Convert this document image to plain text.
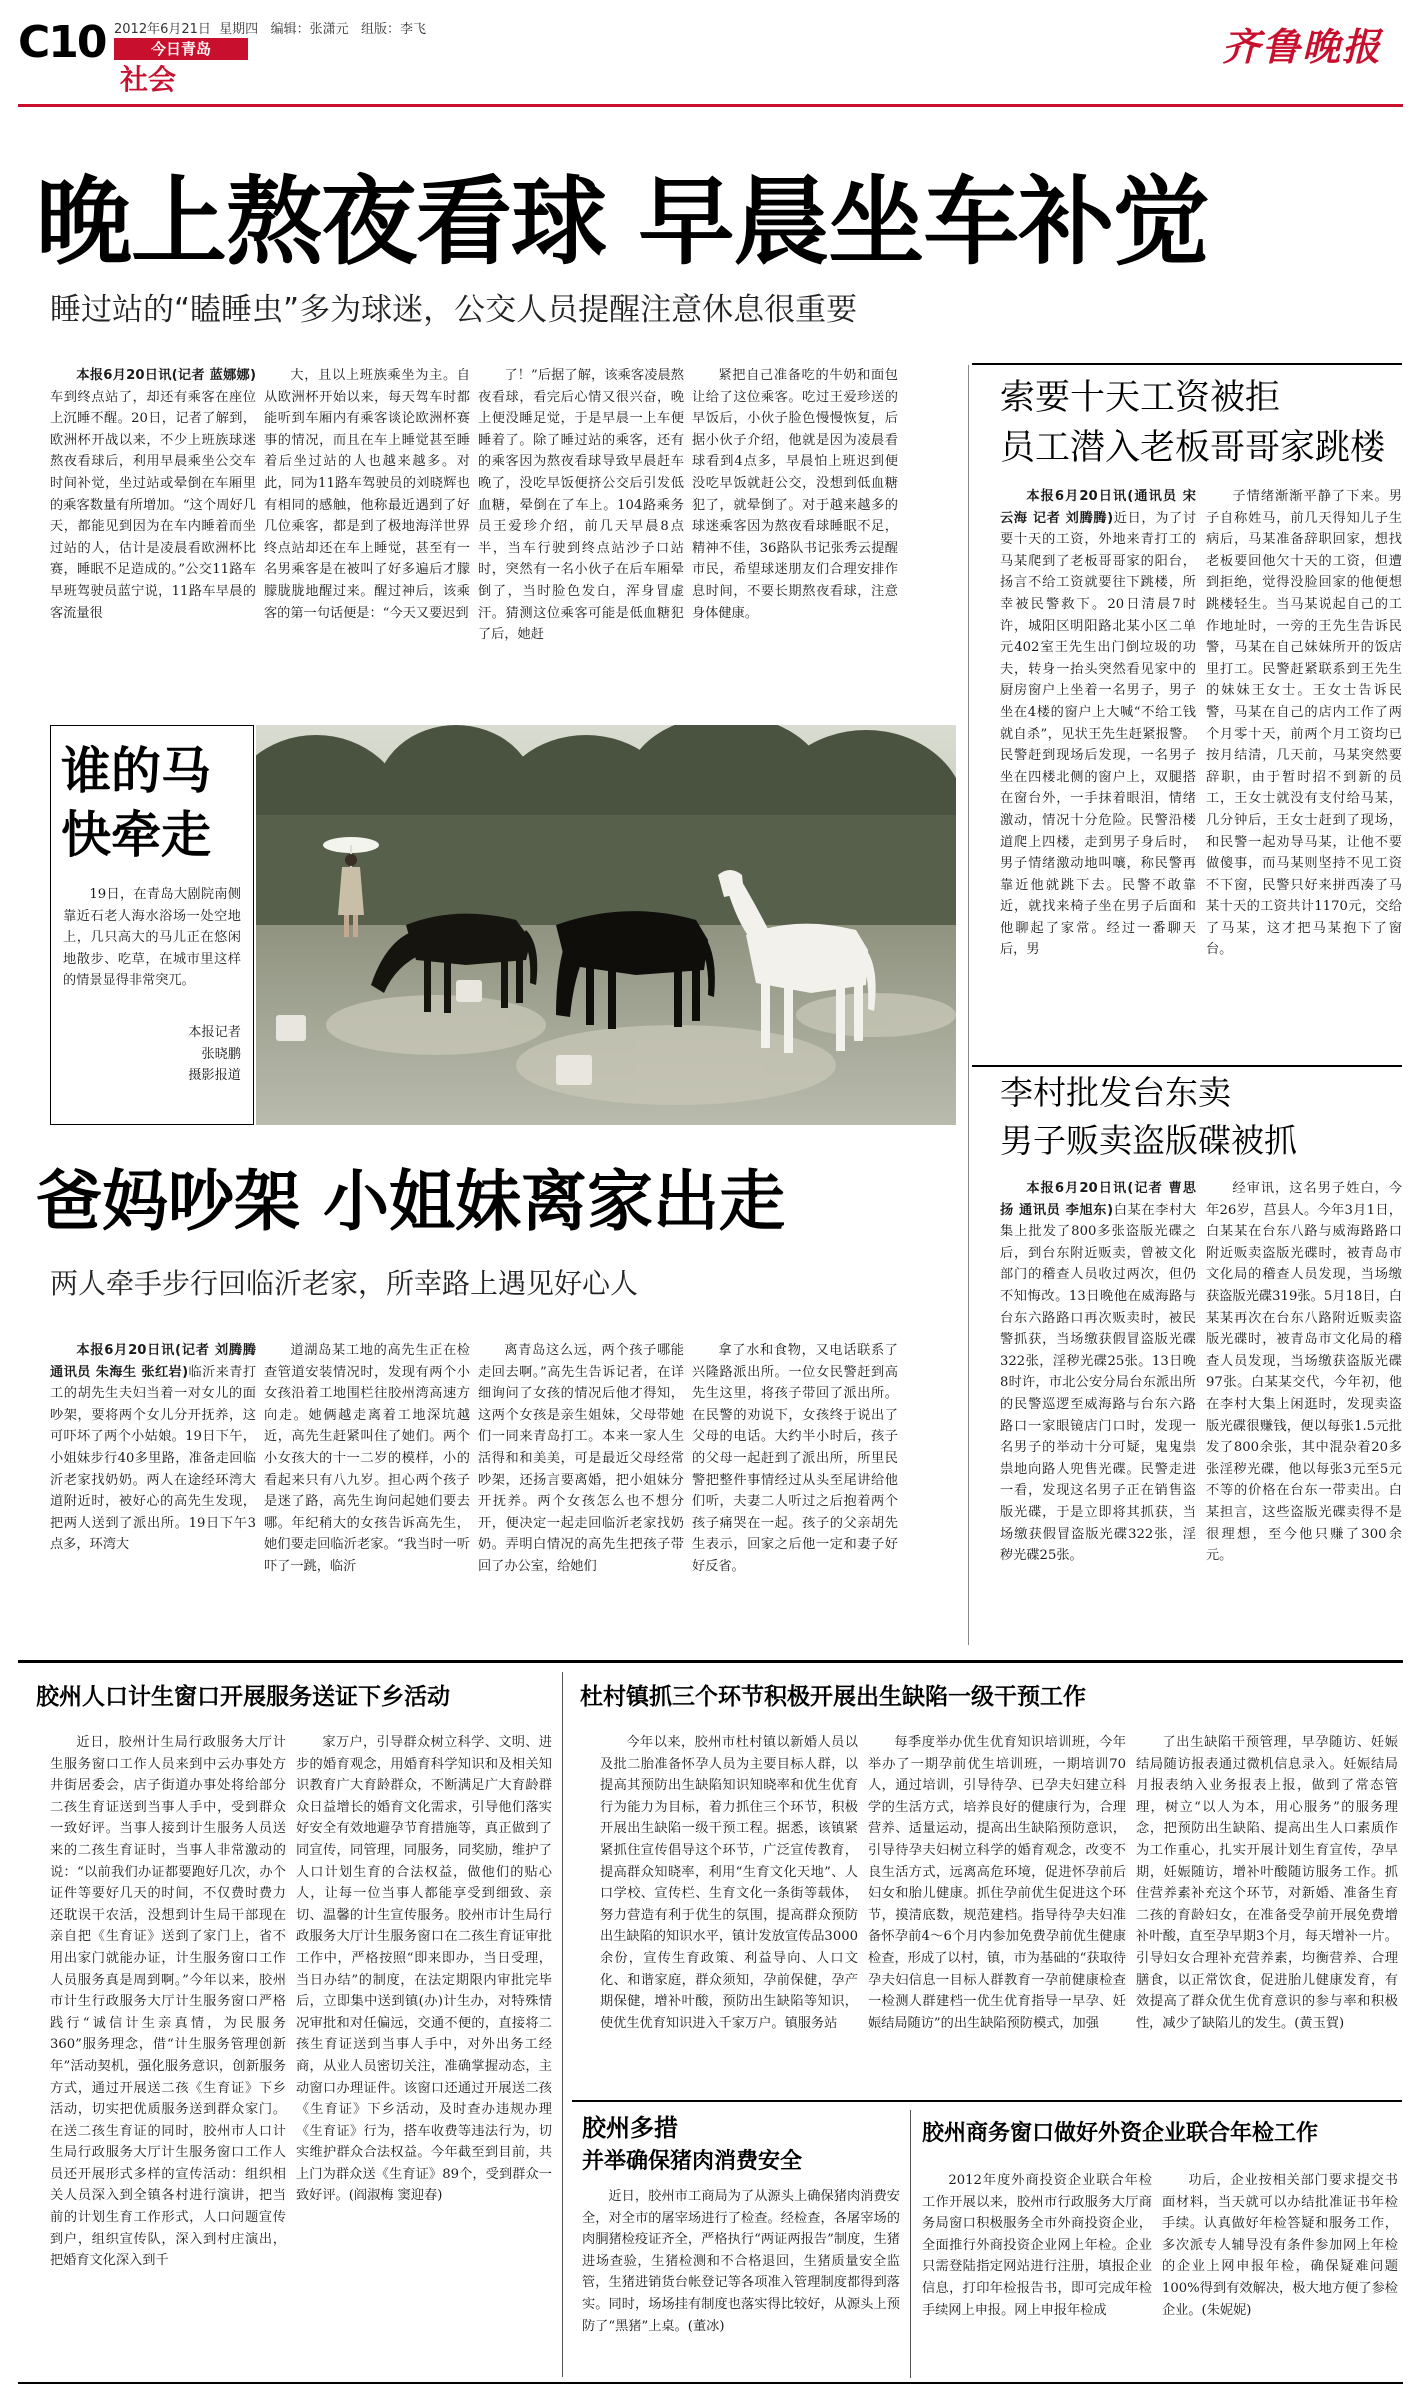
C10 2012年6月21日 星期四 编辑：张潇元 组版：李飞
今日青岛
社会
齐鲁晚报
晚上熬夜看球 早晨坐车补觉
睡过站的“瞌睡虫”多为球迷，公交人员提醒注意休息很重要

本报6月20日讯(记者 蓝娜娜)车到终点站了，却还有乘客在座位上沉睡不醒。20日，记者了解到，欧洲杯开战以来，不少上班族球迷熬夜看球后，利用早晨乘坐公交车时间补觉，坐过站或晕倒在车厢里的乘客数量有所增加。“这个周好几天，都能见到因为在车内睡着而坐过站的人，估计是凌晨看欧洲杯比赛，睡眠不足造成的。”公交11路车早班驾驶员蓝宁说，11路车早晨的客流量很

大，且以上班族乘坐为主。自从欧洲杯开始以来，每天驾车时都能听到车厢内有乘客谈论欧洲杯赛事的情况，而且在车上睡觉甚至睡着后坐过站的人也越来越多。对此，同为11路车驾驶员的刘晓辉也有相同的感触，他称最近遇到了好几位乘客，都是到了极地海洋世界终点站却还在车上睡觉，甚至有一名男乘客是在被叫了好多遍后才朦朦胧胧地醒过来。醒过神后，该乘客的第一句话便是：“今天又要迟到

了！”后据了解，该乘客凌晨熬夜看球，看完后心情又很兴奋，晚上便没睡足觉，于是早晨一上车便睡着了。除了睡过站的乘客，还有的乘客因为熬夜看球导致早晨赶车晚了，没吃早饭便挤公交后引发低血糖，晕倒在了车上。104路乘务员王爱珍介绍，前几天早晨8点半，当车行驶到终点站沙子口站时，突然有一名小伙子在后车厢晕倒了，当时脸色发白，浑身冒虚汗。猜测这位乘客可能是低血糖犯了后，她赶

紧把自己准备吃的牛奶和面包让给了这位乘客。吃过王爱珍送的早饭后，小伙子脸色慢慢恢复，后据小伙子介绍，他就是因为凌晨看球看到4点多，早晨怕上班迟到便没吃早饭就赶公交，没想到低血糖犯了，就晕倒了。对于越来越多的球迷乘客因为熬夜看球睡眠不足，精神不佳，36路队书记张秀云提醒市民，希望球迷朋友们合理安排作息时间，不要长期熬夜看球，注意身体健康。

谁的马
快牵走

19日，在青岛大剧院南侧靠近石老人海水浴场一处空地上，几只高大的马儿正在悠闲地散步、吃草，在城市里这样的情景显得非常突兀。

本报记者
张晓鹏
摄影报道
索要十天工资被拒
员工潜入老板哥哥家跳楼

本报6月20日讯(通讯员 宋云海 记者 刘腾腾)近日，为了讨要十天的工资，外地来青打工的马某爬到了老板哥哥家的阳台，扬言不给工资就要往下跳楼，所幸被民警救下。20日清晨7时许，城阳区明阳路北某小区二单元402室王先生出门倒垃圾的功夫，转身一抬头突然看见家中的厨房窗户上坐着一名男子，男子坐在4楼的窗户上大喊“不给工钱就自杀”，见状王先生赶紧报警。民警赶到现场后发现，一名男子坐在四楼北侧的窗户上，双腿搭在窗台外，一手抹着眼泪，情绪激动，情况十分危险。民警沿楼道爬上四楼，走到男子身后时，男子情绪激动地叫嚷，称民警再靠近他就跳下去。民警不敢靠近，就找来椅子坐在男子后面和他聊起了家常。经过一番聊天后，男

子情绪渐渐平静了下来。男子自称姓马，前几天得知儿子生病后，马某准备辞职回家，想找老板要回他欠十天的工资，但遭到拒绝，觉得没脸回家的他便想跳楼轻生。当马某说起自己的工作地址时，一旁的王先生告诉民警，马某在自己妹妹所开的饭店里打工。民警赶紧联系到王先生的妹妹王女士。王女士告诉民警，马某在自己的店内工作了两个月零十天，前两个月工资均已按月结清，几天前，马某突然要辞职，由于暂时招不到新的员工，王女士就没有支付给马某，几分钟后，王女士赶到了现场，和民警一起劝导马某，让他不要做傻事，而马某则坚持不见工资不下窗，民警只好来拼西凑了马某十天的工资共计1170元，交给了马某，这才把马某抱下了窗台。

李村批发台东卖
男子贩卖盗版碟被抓

本报6月20日讯(记者 曹思扬 通讯员 李旭东)白某在李村大集上批发了800多张盗版光碟之后，到台东附近贩卖，曾被文化部门的稽查人员收过两次，但仍不知悔改。13日晚他在威海路与台东六路路口再次贩卖时，被民警抓获，当场缴获假冒盗版光碟322张，淫秽光碟25张。13日晚8时许，市北公安分局台东派出所的民警巡逻至威海路与台东六路路口一家眼镜店门口时，发现一名男子的举动十分可疑，鬼鬼祟祟地向路人兜售光碟。民警走进一看，发现这名男子正在销售盗版光碟，于是立即将其抓获，当场缴获假冒盗版光碟322张，淫秽光碟25张。

经审讯，这名男子姓白，今年26岁，莒县人。今年3月1日，白某某在台东八路与威海路路口附近贩卖盗版光碟时，被青岛市文化局的稽查人员发现，当场缴获盗版光碟319张。5月18日，白某某再次在台东八路附近贩卖盗版光碟时，被青岛市文化局的稽查人员发现，当场缴获盗版光碟97张。白某某交代，今年初，他在李村大集上闲逛时，发现卖盗版光碟很赚钱，便以每张1.5元批发了800余张，其中混杂着20多张淫秽光碟，他以每张3元至5元不等的价格在台东一带卖出。白某担言，这些盗版光碟卖得不是很理想，至今他只赚了300余元。

爸妈吵架 小姐妹离家出走
两人牵手步行回临沂老家，所幸路上遇见好心人

本报6月20日讯(记者 刘腾腾 通讯员 朱海生 张红岩)临沂来青打工的胡先生夫妇当着一对女儿的面吵架，要将两个女儿分开抚养，这可吓坏了两个小姑娘。19日下午，小姐妹步行40多里路，准备走回临沂老家找奶奶。两人在途经环湾大道附近时，被好心的高先生发现，把两人送到了派出所。19日下午3点多，环湾大

道湖岛某工地的高先生正在检查管道安装情况时，发现有两个小女孩沿着工地围栏往胶州湾高速方向走。她俩越走离着工地深坑越近，高先生赶紧叫住了她们。两个小女孩大的十一二岁的模样，小的看起来只有八九岁。担心两个孩子是迷了路，高先生询问起她们要去哪。年纪稍大的女孩告诉高先生，她们要走回临沂老家。“我当时一听吓了一跳，临沂

离青岛这么远，两个孩子哪能走回去啊。”高先生告诉记者，在详细询问了女孩的情况后他才得知，这两个女孩是亲生姐妹，父母带她们一同来青岛打工。本来一家人生活得和和美美，可是最近父母经常吵架，还扬言要离婚，把小姐妹分开抚养。两个女孩怎么也不想分开，便决定一起走回临沂老家找奶奶。弄明白情况的高先生把孩子带回了办公室，给她们

拿了水和食物，又电话联系了兴隆路派出所。一位女民警赶到高先生这里，将孩子带回了派出所。在民警的劝说下，女孩终于说出了父母的电话。大约半小时后，孩子的父母一起赶到了派出所，所里民警把整件事情经过从头至尾讲给他们听，夫妻二人听过之后抱着两个孩子痛哭在一起。孩子的父亲胡先生表示，回家之后他一定和妻子好好反省。

胶州人口计生窗口开展服务送证下乡活动

近日，胶州计生局行政服务大厅计生服务窗口工作人员来到中云办事处方井街居委会，店子街道办事处将给部分二孩生育证送到当事人手中，受到群众一致好评。当事人接到计生服务人员送来的二孩生育证时，当事人非常激动的说：“以前我们办证都要跑好几次，办个证件等要好几天的时间，不仅费时费力还耽误干农活，没想到计生局干部现在亲自把《生育证》送到了家门上，省不用出家门就能办证，计生服务窗口工作人员服务真是周到啊。”今年以来，胶州市计生行政服务大厅计生服务窗口严格践行“诚信计生亲真情，为民服务360”服务理念，借“计生服务管理创新年”活动契机，强化服务意识，创新服务方式，通过开展送二孩《生育证》下乡活动，切实把优质服务送到群众家门。在送二孩生育证的同时，胶州市人口计生局行政服务大厅计生服务窗口工作人员还开展形式多样的宣传活动：组织相关人员深入到全镇各村进行演讲，把当前的计划生育工作形式，人口问题宣传到户，组织宣传队，深入到村庄演出，把婚育文化深入到千

家万户，引导群众树立科学、文明、进步的婚育观念，用婚育科学知识和及相关知识教育广大育龄群众，不断满足广大育龄群众日益增长的婚育文化需求，引导他们落实好安全有效地避孕节育措施等，真正做到了同宣传，同管理，同服务，同奖励，维护了人口计划生育的合法权益，做他们的贴心人，让每一位当事人都能享受到细致、亲切、温馨的计生宣传服务。胶州市计生局行政服务大厅计生服务窗口在二孩生育证审批工作中，严格按照“即来即办，当日受理，当日办结”的制度，在法定期限内审批完毕后，立即集中送到镇(办)计生办，对特殊情况审批和对任偏远，交通不便的，直接将二孩生育证送到当事人手中，对外出务工经商，从业人员密切关注，准确掌握动态，主动窗口办理证件。该窗口还通过开展送二孩《生育证》下乡活动，及时查办违规办理《生育证》行为，搭车收费等违法行为，切实维护群众合法权益。今年截至到目前，共上门为群众送《生育证》89个，受到群众一致好评。(阎淑梅 窦迎春)

杜村镇抓三个环节积极开展出生缺陷一级干预工作

今年以来，胶州市杜村镇以新婚人员以及批二胎准备怀孕人员为主要目标人群，以提高其预防出生缺陷知识知晓率和优生优育行为能力为目标，着力抓住三个环节，积极开展出生缺陷一级干预工程。据悉，该镇紧紧抓住宣传倡导这个环节，广泛宣传教育，提高群众知晓率，利用“生育文化天地”、人口学校、宣传栏、生育文化一条街等载体，努力营造有利于优生的氛围，提高群众预防出生缺陷的知识水平，镇计发放宣传品3000余份，宣传生育政策、利益导向、人口文化、和谐家庭，群众须知，孕前保健，孕产期保健，增补叶酸，预防出生缺陷等知识，使优生优育知识进入千家万户。镇服务站

每季度举办优生优育知识培训班，今年举办了一期孕前优生培训班，一期培训70人，通过培训，引导待孕、已孕夫妇建立科学的生活方式，培养良好的健康行为，合理营养、适量运动，提高出生缺陷预防意识，引导待孕夫妇树立科学的婚育观念，改变不良生活方式，远离高危环境，促进怀孕前后妇女和胎儿健康。抓住孕前优生促进这个环节，摸清底数，规范建档。指导待孕夫妇准备怀孕前4～6个月内参加免费孕前优生健康检查，形成了以村，镇，市为基础的“获取待孕夫妇信息一目标人群教育一孕前健康检查一检测人群建档一优生优育指导一早孕、妊娠结局随访”的出生缺陷预防模式，加强

了出生缺陷干预管理，早孕随访、妊娠结局随访报表通过微机信息录入。妊娠结局月报表纳入业务报表上报，做到了常态管理，树立“以人为本，用心服务”的服务理念，把预防出生缺陷、提高出生人口素质作为工作重心，扎实开展计划生育宣传，孕早期，妊娠随访，增补叶酸随访服务工作。抓住营养素补充这个环节，对新婚、准备生育二孩的育龄妇女，在准备受孕前开展免费增补叶酸，直至孕早期3个月，每天增补一片。引导妇女合理补充营养素，均衡营养、合理膳食，以正常饮食，促进胎儿健康发育，有效提高了群众优生优育意识的参与率和积极性，减少了缺陷儿的发生。(黄玉賀)

胶州多措
并举确保猪肉消费安全

近日，胶州市工商局为了从源头上确保猪肉消费安全，对全市的屠宰场进行了检查。经检查，各屠宰场的肉胴猪检疫证齐全，严格执行“两证两报告”制度，生猪进场查验，生猪检测和不合格退回，生猪质量安全监管，生猪进销货台帐登记等各项准入管理制度都得到落实。同时，场场挂有制度也落实得比较好，从源头上预防了“黑猪”上桌。(董冰)

胶州商务窗口做好外资企业联合年检工作

2012年度外商投资企业联合年检工作开展以来，胶州市行政服务大厅商务局窗口积极服务全市外商投资企业，全面推行外商投资企业网上年检。企业只需登陆指定网站进行注册，填报企业信息，打印年检报告书，即可完成年检手续网上申报。网上申报年检成

功后，企业按相关部门要求提交书面材料，当天就可以办结批准证书年检手续。认真做好年检答疑和服务工作，多次派专人辅导没有条件参加网上年检的企业上网申报年检，确保疑难问题100%得到有效解决，极大地方便了参检企业。(朱妮妮)
